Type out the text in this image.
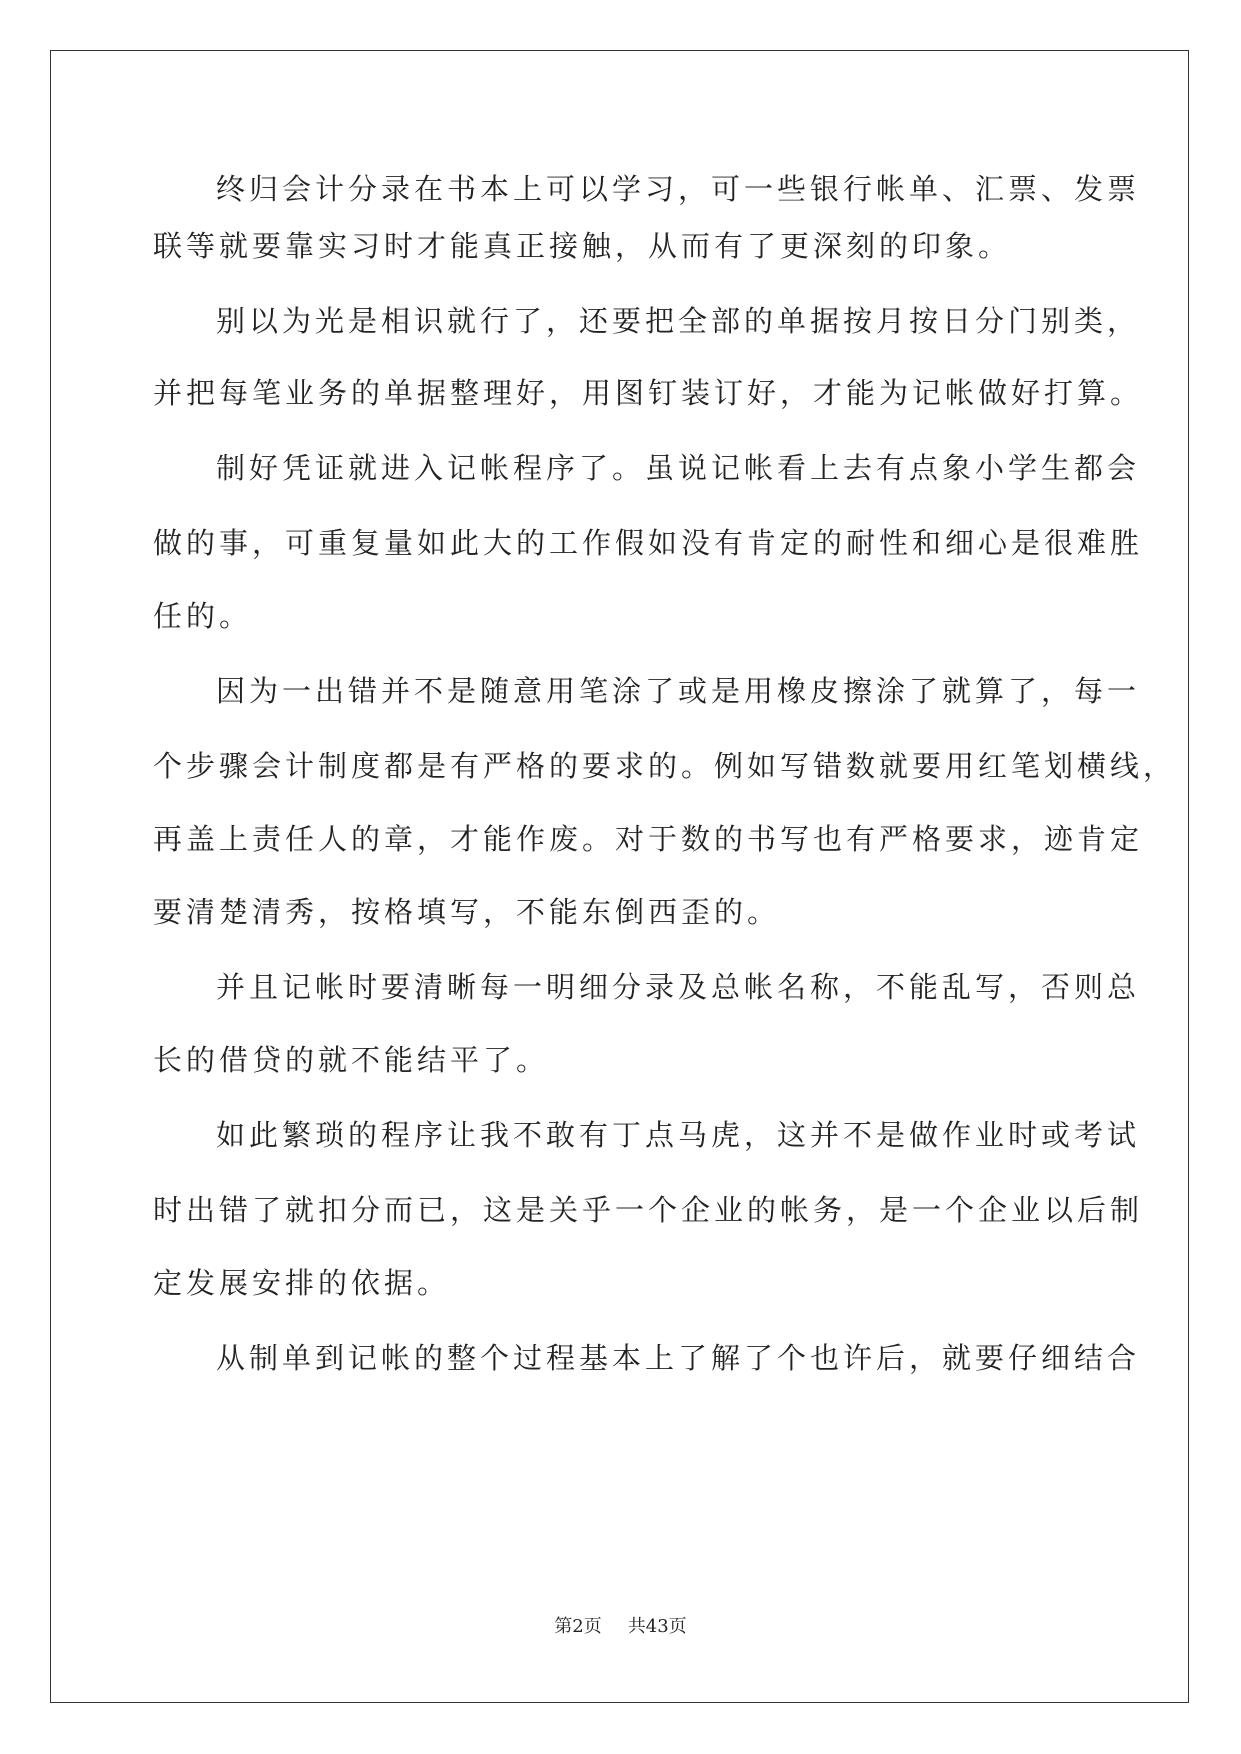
终归会计分录在书本上可以学习，可一些银行帐单、汇票、发票
联等就要靠实习时才能真正接触，从而有了更深刻的印象。
别以为光是相识就行了，还要把全部的单据按月按日分门别类，
并把每笔业务的单据整理好，用图钉装订好，才能为记帐做好打算。
制好凭证就进入记帐程序了。虽说记帐看上去有点象小学生都会
做的事，可重复量如此大的工作假如没有肯定的耐性和细心是很难胜
任的。
因为一出错并不是随意用笔涂了或是用橡皮擦涂了就算了，每一
个步骤会计制度都是有严格的要求的。例如写错数就要用红笔划横线，
再盖上责任人的章，才能作废。对于数的书写也有严格要求，迹肯定
要清楚清秀，按格填写，不能东倒西歪的。
并且记帐时要清晰每一明细分录及总帐名称，不能乱写，否则总
长的借贷的就不能结平了。
如此繁琐的程序让我不敢有丁点马虎，这并不是做作业时或考试
时出错了就扣分而已，这是关乎一个企业的帐务，是一个企业以后制
定发展安排的依据。
从制单到记帐的整个过程基本上了解了个也许后，就要仔细结合
第2页 共43页
